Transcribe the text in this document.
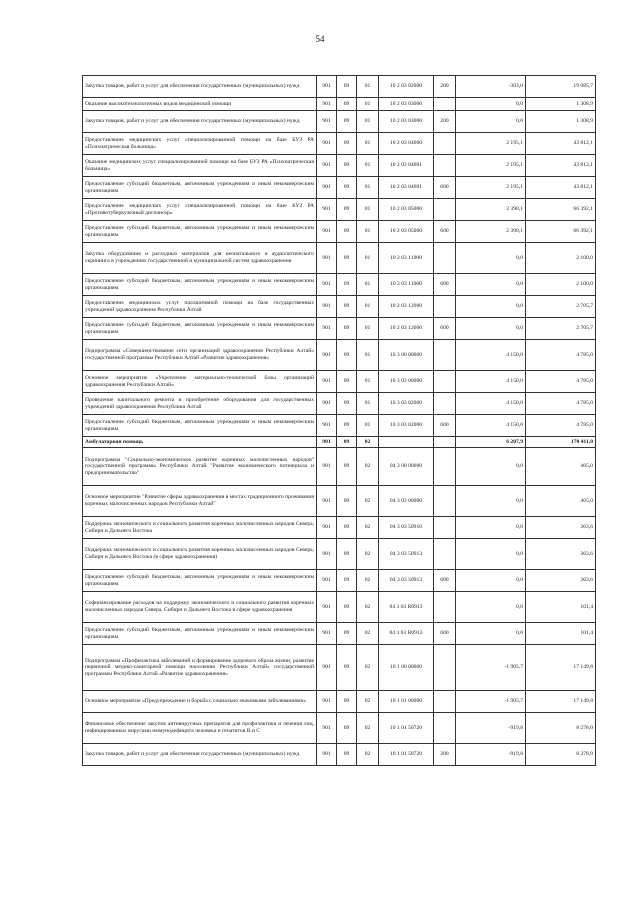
54
Закупка товаров, работ и услуг для обеспечения государственных (муниципальных) нужд	901	09	01	10 2 03 02000	200	-303,0	19 085,7
Оказание высокотехнологичных видов медицинской помощи	901	09	01	10 2 03 03000		0,0	1 308,9
Закупка товаров, работ и услуг для обеспечения государственных (муниципальных) нужд	901	09	01	10 2 03 03000	200	0,0	1 308,9
Предоставление медицинских услуг специализированной помощи на базе БУЗ РА «Психиатрическая больница»	901	09	01	10 2 03 04000		2 195,1	43 812,1
Оказание медицинских услуг специализированной помощи на базе БУЗ РА «Психиатрическая больница»	901	09	01	10 2 03 04001		2 195,1	43 812,1
Предоставление субсидий бюджетным, автономным учреждениям и иным некоммерческим организациям	901	09	01	10 2 03 04001	600	2 195,1	43 812,1
Предоставление медицинских услуг специализированной помощи на базе БУЗ РА «Противотуберкулезный диспансер»	901	09	01	10 2 03 05000		2 390,1	66 392,1
Предоставление субсидий бюджетным, автономным учреждениям и иным некоммерческим организациям	901	09	01	10 2 03 05000	600	2 390,1	66 392,1
Закупка оборудования и расходных материалов для неонатального и аудиологического скрининга в учреждениях государственной и муниципальной систем здравоохранения	901	09	01	10 2 03 11000		0,0	2 100,0
Предоставление субсидий бюджетным, автономным учреждениям и иным некоммерческим организациям	901	09	01	10 2 03 11000	600	0,0	2 100,0
Предоставление медицинских услуг паллиативной помощи на базе государственных учреждений здравоохранения Республики Алтай	901	09	01	10 2 03 12000		0,0	2 705,7
Предоставление субсидий бюджетным, автономным учреждениям и иным некоммерческим организациям	901	09	01	10 2 03 12000	600	0,0	2 705,7
Подпрограмма «Совершенствование сети организаций здравоохранения Республики Алтай» государственной программы Республики Алтай «Развитие здравоохранения»	901	09	01	10 3 00 00000		4 150,0	4 785,0
Основное мероприятие «Укрепление материально-технической базы организаций здравоохранения Республики Алтай»	901	09	01	10 3 03 00000		4 150,0	4 785,0
Проведение капитального ремонта и приобретение оборудования для государственных учреждений здравоохранения Республики Алтай	901	09	01	10 3 03 02000		4 150,0	4 785,0
Предоставление субсидий бюджетным, автономным учреждениям и иным некоммерческим организациям	901	09	01	10 3 03 02000	600	4 150,0	4 785,0
Амбулаторная помощь	901	09	02			6 207,9	170 411,8
Подпрограмма "Социально-экономическое развитие коренных малочисленных народов" государственной программы Республики Алтай "Развитие экономического потенциала и предпринимательства"	901	09	02	04 3 00 00000		0,0	465,0
Основное мероприятие "Развитие сферы здравоохранения в местах традиционного проживания коренных малочисленных народов Республики Алтай"	901	09	02	04 3 03 00000		0,0	465,0
Поддержка экономического и социального развития коренных малочисленных народов Севера, Сибири и Дальнего Востока	901	09	02	04 3 03 50910		0,0	363,6
Поддержка экономического и социального развития коренных малочисленных народов Севера, Сибири и Дальнего Востока (в сфере здравоохранения)	901	09	02	04 3 03 50913		0,0	363,6
Предоставление субсидий бюджетным, автономным учреждениям и иным некоммерческим организациям	901	09	02	04 3 03 50913	600	0,0	363,6
Софинансирование расходов на поддержку экономического и социального развития коренных малочисленных народов Севера, Сибири и Дальнего Востока в сфере здравоохранения	901	09	02	04 3 03 R0913		0,0	101,4
Предоставление субсидий бюджетным, автономным учреждениям и иным некоммерческим организациям	901	09	02	04 3 03 R0913	600	0,0	101,4
Подпрограмма «Профилактика заболеваний и формирование здорового образа жизни, развитие первичной медико-санитарной помощи населению Республики Алтай» государственной программы Республики Алтай «Развитие здравоохранения»	901	09	02	10 1 00 00000		-1 905,7	17 149,8
Основное мероприятие «Предупреждение и борьба с социально значимыми заболеваниями»	901	09	02	10 1 01 00000		-1 905,7	17 149,8
Финансовое обеспечение закупок антивирусных препаратов для профилактики и лечения лиц, инфицированных вирусами иммунодефицита человека и гепатитов В и С	901	09	02	10 1 01 50720		-919,8	8 278,0
Закупка товаров, работ и услуг для обеспечения государственных (муниципальных) нужд	901	09	02	10 1 01 50720	200	-919,8	8 278,0
